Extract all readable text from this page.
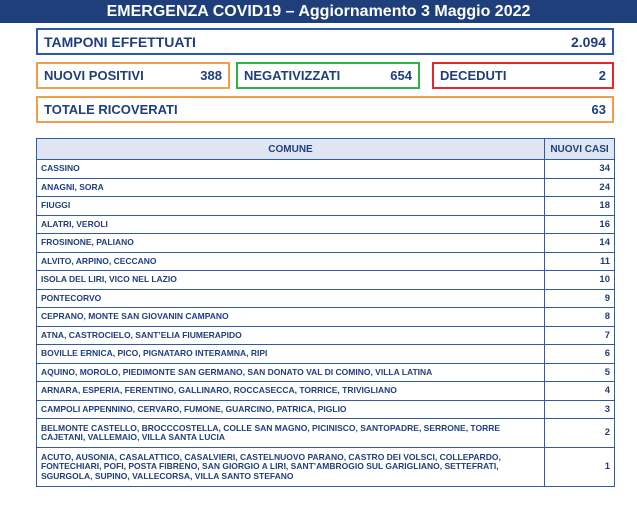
EMERGENZA COVID19 – Aggiornamento 3 Maggio 2022
TAMPONI EFFETTUATI	2.094
NUOVI POSITIVI	388 NEGATIVIZZATI	654 DECEDUTI	2
TOTALE RICOVERATI	63
COMUNE	NUOVI CASI
CASSINO	34
ANAGNI, SORA	24
FIUGGI	18
ALATRI, VEROLI	16
FROSINONE, PALIANO	14
ALVITO, ARPINO, CECCANO	11
ISOLA DEL LIRI, VICO NEL LAZIO	10
PONTECORVO	9
CEPRANO, MONTE SAN GIOVANIN CAMPANO	8
ATNA, CASTROCIELO, SANT’ELIA FIUMERAPIDO	7
BOVILLE ERNICA, PICO, PIGNATARO INTERAMNA, RIPI	6
AQUINO, MOROLO, PIEDIMONTE SAN GERMANO, SAN DONATO VAL DI COMINO, VILLA LATINA	5
ARNARA, ESPERIA, FERENTINO, GALLINARO, ROCCASECCA, TORRICE, TRIVIGLIANO	4
CAMPOLI APPENNINO, CERVARO, FUMONE, GUARCINO, PATRICA, PIGLIO	3
BELMONTE CASTELLO, BROCCCOSTELLA, COLLE SAN MAGNO, PICINISCO, SANTOPADRE, SERRONE, TORRE CAJETANI, VALLEMAIO, VILLA SANTA LUCIA	2
ACUTO, AUSONIA, CASALATTICO, CASALVIERI, CASTELNUOVO PARANO, CASTRO DEI VOLSCI, COLLEPARDO, FONTECHIARI, POFI, POSTA FIBRENO, SAN GIORGIO A LIRI, SANT’AMBROGIO SUL GARIGLIANO, SETTEFRATI, SGURGOLA, SUPINO, VALLECORSA, VILLA SANTO STEFANO	1
